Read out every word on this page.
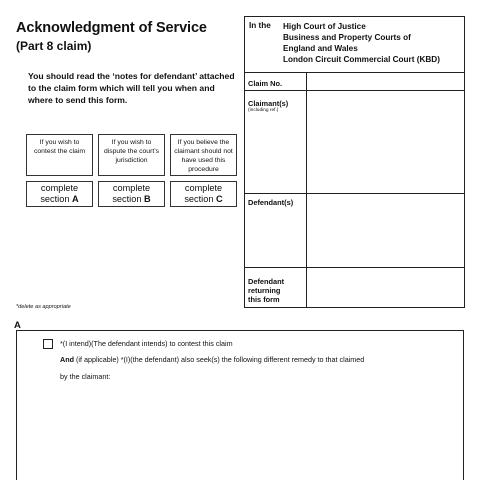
Acknowledgment of Service
(Part 8 claim)
You should read the ‘notes for defendant’ attached to the claim form which will tell you when and where to send this form.
If you wish to contest the claim
If you wish to dispute the court’s jurisdiction
If you believe the claimant should not have used this procedure
complete
section A
complete
section B
complete
section C
In the High Court of Justice
Business and Property Courts of
England and Wales
London Circuit Commercial Court (KBD)
Claim No.
Claimant(s)
(including ref.)
Defendant(s)
Defendant
returning
this form
*delete as appropriate
A
*(I intend)(The defendant intends) to contest this claim
And (if applicable) *(I)(the defendant) also seek(s) the following different remedy to that claimed
by the claimant:
